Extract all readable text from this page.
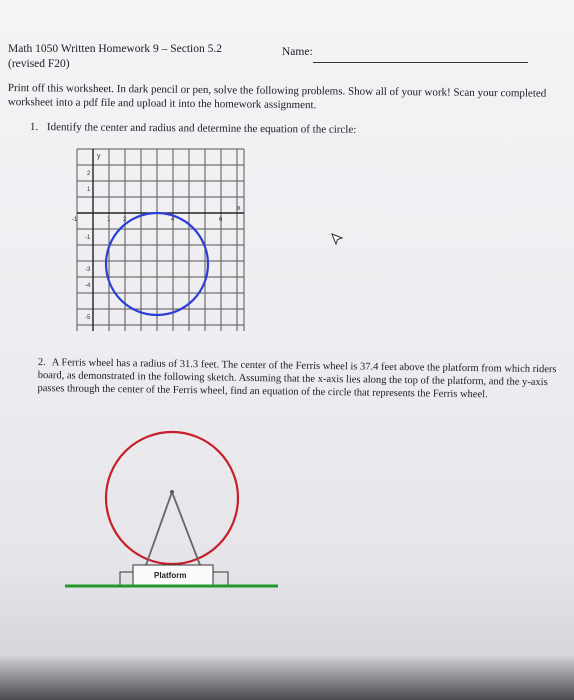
Math 1050 Written Homework 9 – Section 5.2
(revised F20)
Name:
Print off this worksheet. In dark pencil or pen, solve the following problems. Show all of your work! Scan your completed worksheet into a pdf file and upload it into the homework assignment.
1. Identify the center and radius and determine the equation of the circle:
y
x
-1	1 2	4	6
2
1
-1
-3
-4
-5
2. A Ferris wheel has a radius of 31.3 feet. The center of the Ferris wheel is 37.4 feet above the platform from which riders board, as demonstrated in the following sketch. Assuming that the x-axis lies along the top of the platform, and the y-axis passes through the center of the Ferris wheel, find an equation of the circle that represents the Ferris wheel.
Platform
